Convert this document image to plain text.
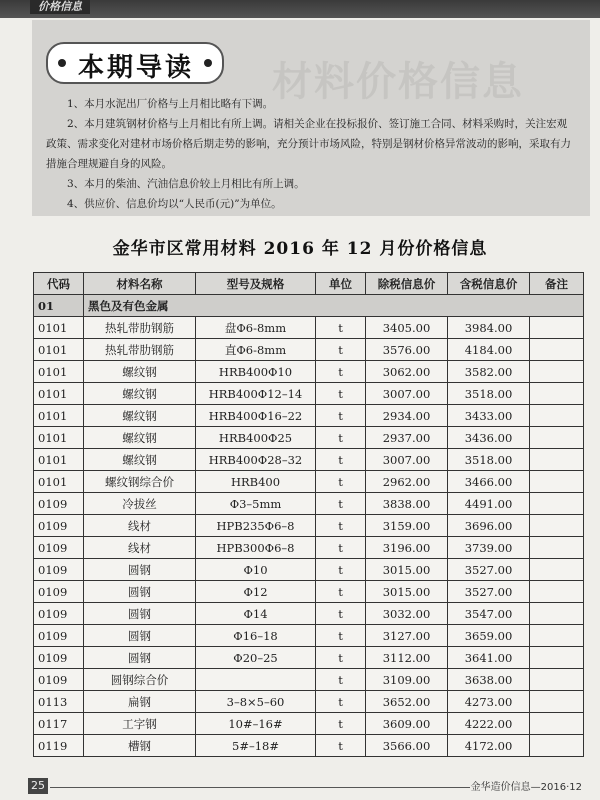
价格信息
材料价格信息
本期导读

1、本月水泥出厂价格与上月相比略有下调。

2、本月建筑钢材价格与上月相比有所上调。请相关企业在投标报价、签订施工合同、材料采购时，关注宏观政策、需求变化对建材市场价格后期走势的影响，充分预计市场风险，特别是钢材价格异常波动的影响，采取有力措施合理规避自身的风险。

3、本月的柴油、汽油信息价较上月相比有所上调。

4、供应价、信息价均以“人民币(元)”为单位。

金华市区常用材料 2016 年 12 月份价格信息
代码	材料名称	型号及规格	单位	除税信息价	含税信息价	备注
01	黑色及有色金属					
0101	热轧带肋钢筋	盘Φ6-8mm	t	3405.00	3984.00	
0101	热轧带肋钢筋	直Φ6-8mm	t	3576.00	4184.00	
0101	螺纹钢	HRB400Φ10	t	3062.00	3582.00	
0101	螺纹钢	HRB400Φ12–14	t	3007.00	3518.00	
0101	螺纹钢	HRB400Φ16–22	t	2934.00	3433.00	
0101	螺纹钢	HRB400Φ25	t	2937.00	3436.00	
0101	螺纹钢	HRB400Φ28–32	t	3007.00	3518.00	
0101	螺纹钢综合价	HRB400	t	2962.00	3466.00	
0109	冷拔丝	Φ3–5mm	t	3838.00	4491.00	
0109	线材	HPB235Φ6–8	t	3159.00	3696.00	
0109	线材	HPB300Φ6–8	t	3196.00	3739.00	
0109	圆钢	Φ10	t	3015.00	3527.00	
0109	圆钢	Φ12	t	3015.00	3527.00	
0109	圆钢	Φ14	t	3032.00	3547.00	
0109	圆钢	Φ16–18	t	3127.00	3659.00	
0109	圆钢	Φ20–25	t	3112.00	3641.00	
0109	圆钢综合价		t	3109.00	3638.00	
0113	扁钢	3–8×5–60	t	3652.00	4273.00	
0117	工字钢	10#–16#	t	3609.00	4222.00	
0119	槽钢	5#–18#	t	3566.00	4172.00	
25	金华造价信息—2016·12
